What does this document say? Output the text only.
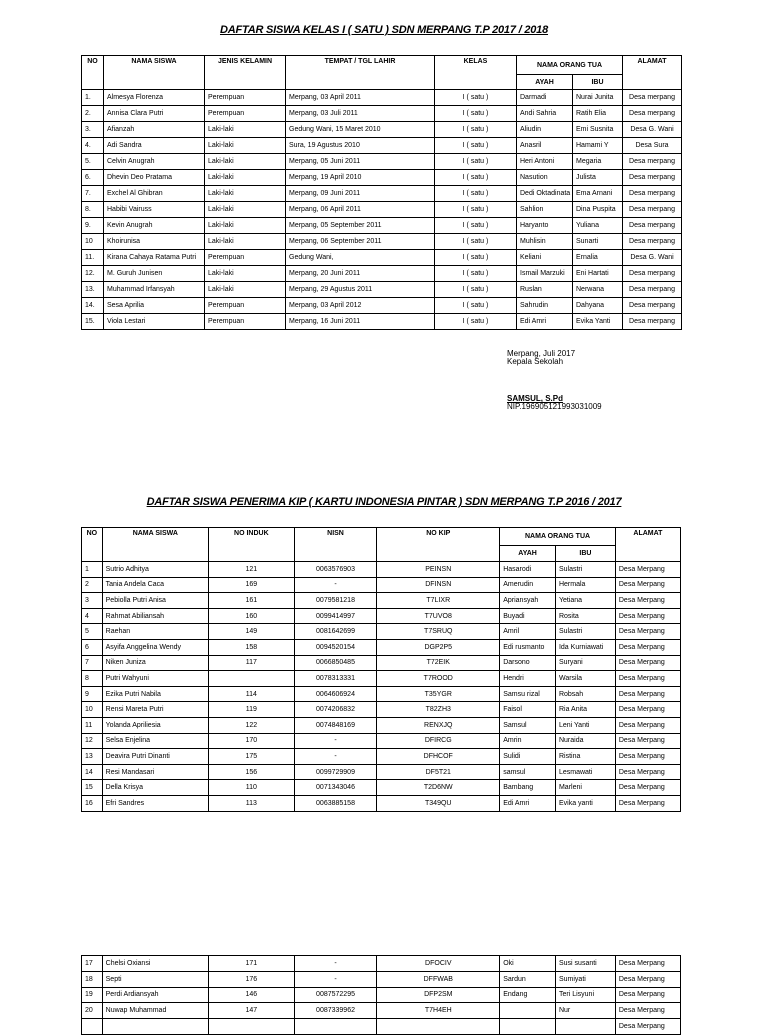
DAFTAR SISWA KELAS I ( SATU ) SDN MERPANG T.P 2017 / 2018
NO	NAMA SISWA	JENIS KELAMIN	TEMPAT / TGL LAHIR	KELAS	NAMA ORANG TUA		ALAMAT
					AYAH	IBU	
1.	Almesya Florenza	Perempuan	Merpang, 03 April 2011	I ( satu )	Darmadi	Nurai Junita	Desa merpang
2.	Annisa Clara Putri	Perempuan	Merpang, 03 Juli 2011	I ( satu )	Andi Sahria	Ratih Elia	Desa merpang
3.	Afianzah	Laki-laki	Gedung Wani, 15 Maret 2010	I ( satu )	Aliudin	Emi Susnita	Desa G. Wani
4.	Adi Sandra	Laki-laki	Sura, 19 Agustus 2010	I ( satu )	Anasril	Hamami Y	Desa Sura
5.	Celvin Anugrah	Laki-laki	Merpang, 05 Juni 2011	I ( satu )	Heri Antoni	Megaria	Desa merpang
6.	Dhevin Deo Pratama	Laki-laki	Merpang, 19 April 2010	I ( satu )	Nasution	Julista	Desa merpang
7.	Exchel Al Ghibran	Laki-laki	Merpang, 09 Juni 2011	I ( satu )	Dedi Oktadinata	Ema Arnani	Desa merpang
8.	Habibi Vairuss	Laki-laki	Merpang, 06 April 2011	I ( satu )	Sahlion	Dina Puspita	Desa merpang
9.	Kevin Anugrah	Laki-laki	Merpang, 05 September 2011	I ( satu )	Haryanto	Yuliana	Desa merpang
10	Khoirunisa	Laki-laki	Merpang, 06 September 2011	I ( satu )	Muhlisin	Sunarti	Desa merpang
11.	Kirana Cahaya Ratama Putri	Perempuan	Gedung Wani,	I ( satu )	Keliani	Ernalia	Desa G. Wani
12.	M. Guruh Junisen	Laki-laki	Merpang, 20 Juni 2011	I ( satu )	Ismail Marzuki	Eni Hartati	Desa merpang
13.	Muhammad Irfansyah	Laki-laki	Merpang, 29 Agustus 2011	I ( satu )	Ruslan	Nerwana	Desa merpang
14.	Sesa Aprilia	Perempuan	Merpang, 03 April 2012	I ( satu )	Sahrudin	Dahyana	Desa merpang
15.	Viola Lestari	Perempuan	Merpang, 16 Juni 2011	I ( satu )	Edi Amri	Evika Yanti	Desa merpang
Merpang, Juli 2017
Kepala Sekolah
SAMSUL, S.Pd
NIP.196905121993031009
DAFTAR SISWA PENERIMA KIP ( KARTU INDONESIA PINTAR ) SDN MERPANG T.P 2016 / 2017
NO	NAMA SISWA	NO INDUK	NISN	NO KIP	NAMA ORANG TUA		ALAMAT
					AYAH	IBU	
1	Sutrio Adhitya	121	0063576903	PEINSN	Hasarodi	Sulastri	Desa Merpang
2	Tania Andela Caca	169	-	DFINSN	Amerudin	Hermala	Desa Merpang
3	Pebiolla Putri Anisa	161	0079581218	T7LIXR	Apriansyah	Yetiana	Desa Merpang
4	Rahmat Abiliansah	160	0099414997	T7UVO8	Buyadi	Rosita	Desa Merpang
5	Raehan	149	0081642699	T7SRUQ	Amril	Sulastri	Desa Merpang
6	Asyifa Anggelina Wendy	158	0094520154	DGP2P5	Edi rusmanto	Ida Kurniawati	Desa Merpang
7	Niken Juniza	117	0066850485	T72EIK	Darsono	Suryani	Desa Merpang
8	Putri Wahyuni		0078313331	T7ROOD	Hendri	Warsila	Desa Merpang
9	Ezika Putri Nabila	114	0064606924	T35YGR	Samsu rizal	Robsah	Desa Merpang
10	Rensi Mareta Putri	119	0074206832	T82ZH3	Faisol	Ria Anita	Desa Merpang
11	Yolanda Apriliesia	122	0074848169	RENXJQ	Samsul	Leni Yanti	Desa Merpang
12	Selsa Enjelina	170	-	DFIRCG	Amrin	Nuraida	Desa Merpang
13	Deavira Putri Dinanti	175	-	DFHCOF	Sulidi	Ristina	Desa Merpang
14	Resi Mandasari	156	0099729909	DF5T21	samsul	Lesmawati	Desa Merpang
15	Della Krisya	110	0071343046	T2D6NW	Bambang	Marleni	Desa Merpang
16	Efri Sandres	113	0063885158	T349QU	Edi Amri	Evika yanti	Desa Merpang
17	Chelsi Oxiansi	171	-	DFOCIV	Oki	Susi susanti	Desa Merpang
18	Septi	176	-	DFFWAB	Sardun	Sumiyati	Desa Merpang
19	Perdi Ardiansyah	146	0087572295	DFP2SM	Endang	Teri Lisyuni	Desa Merpang
20	Nuwap Muhammad	147	0087339962	T7H4EH		Nur	Desa Merpang
							Desa Merpang
